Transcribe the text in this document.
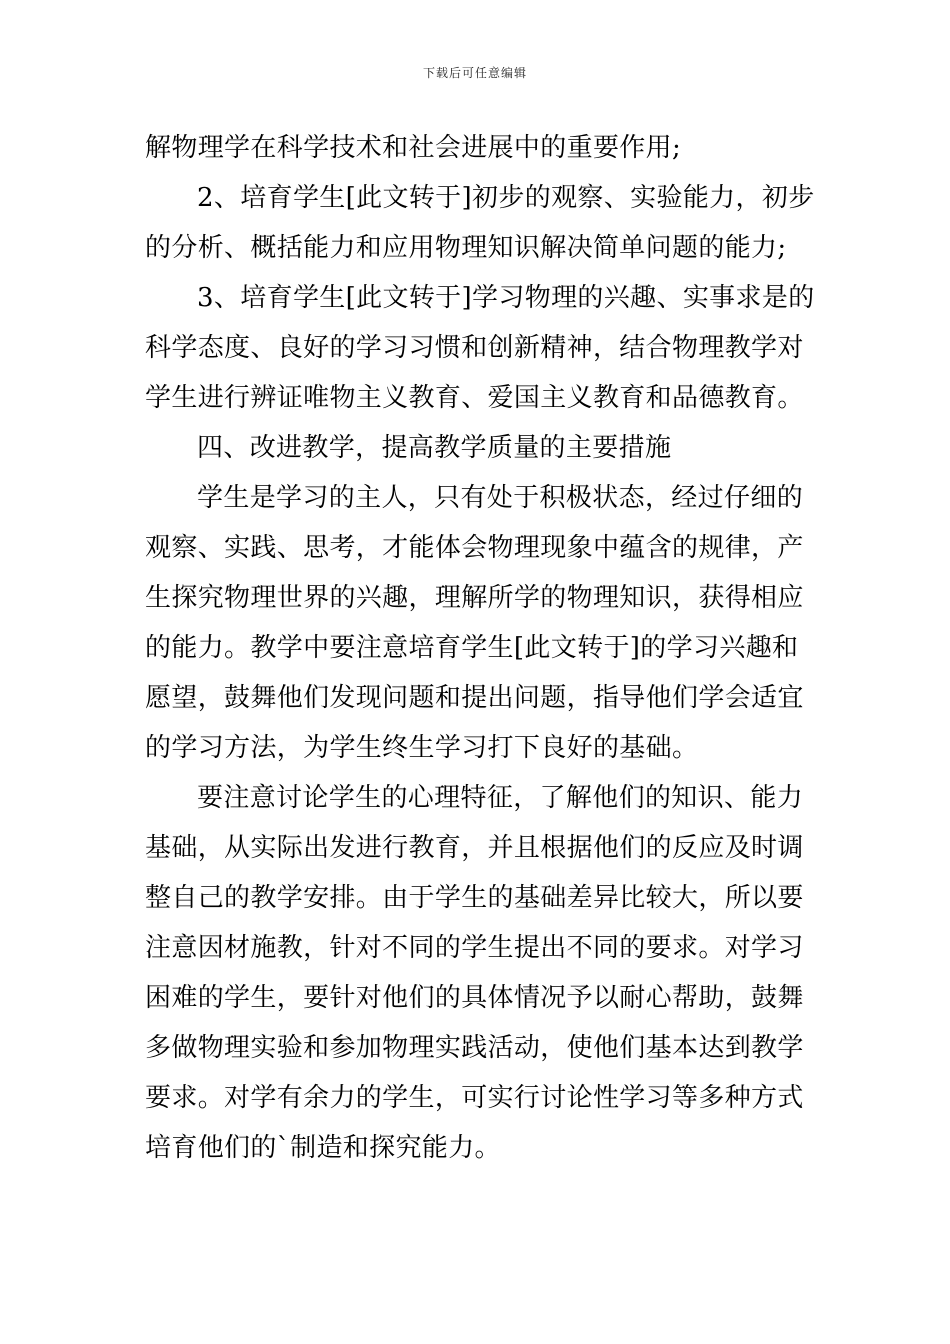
下载后可任意编辑
解物理学在科学技术和社会进展中的重要作用;
2、培育学生[此文转于]初步的观察、实验能力，初步
的分析、概括能力和应用物理知识解决简单问题的能力;
3、培育学生[此文转于]学习物理的兴趣、实事求是的
科学态度、良好的学习习惯和创新精神，结合物理教学对
学生进行辨证唯物主义教育、爱国主义教育和品德教育。
四、改进教学，提高教学质量的主要措施
学生是学习的主人，只有处于积极状态，经过仔细的
观察、实践、思考，才能体会物理现象中蕴含的规律，产
生探究物理世界的兴趣，理解所学的物理知识，获得相应
的能力。教学中要注意培育学生[此文转于]的学习兴趣和
愿望，鼓舞他们发现问题和提出问题，指导他们学会适宜
的学习方法，为学生终生学习打下良好的基础。
要注意讨论学生的心理特征，了解他们的知识、能力
基础，从实际出发进行教育，并且根据他们的反应及时调
整自己的教学安排。由于学生的基础差异比较大，所以要
注意因材施教，针对不同的学生提出不同的要求。对学习
困难的学生，要针对他们的具体情况予以耐心帮助，鼓舞
多做物理实验和参加物理实践活动，使他们基本达到教学
要求。对学有余力的学生，可实行讨论性学习等多种方式
培育他们的`制造和探究能力。
